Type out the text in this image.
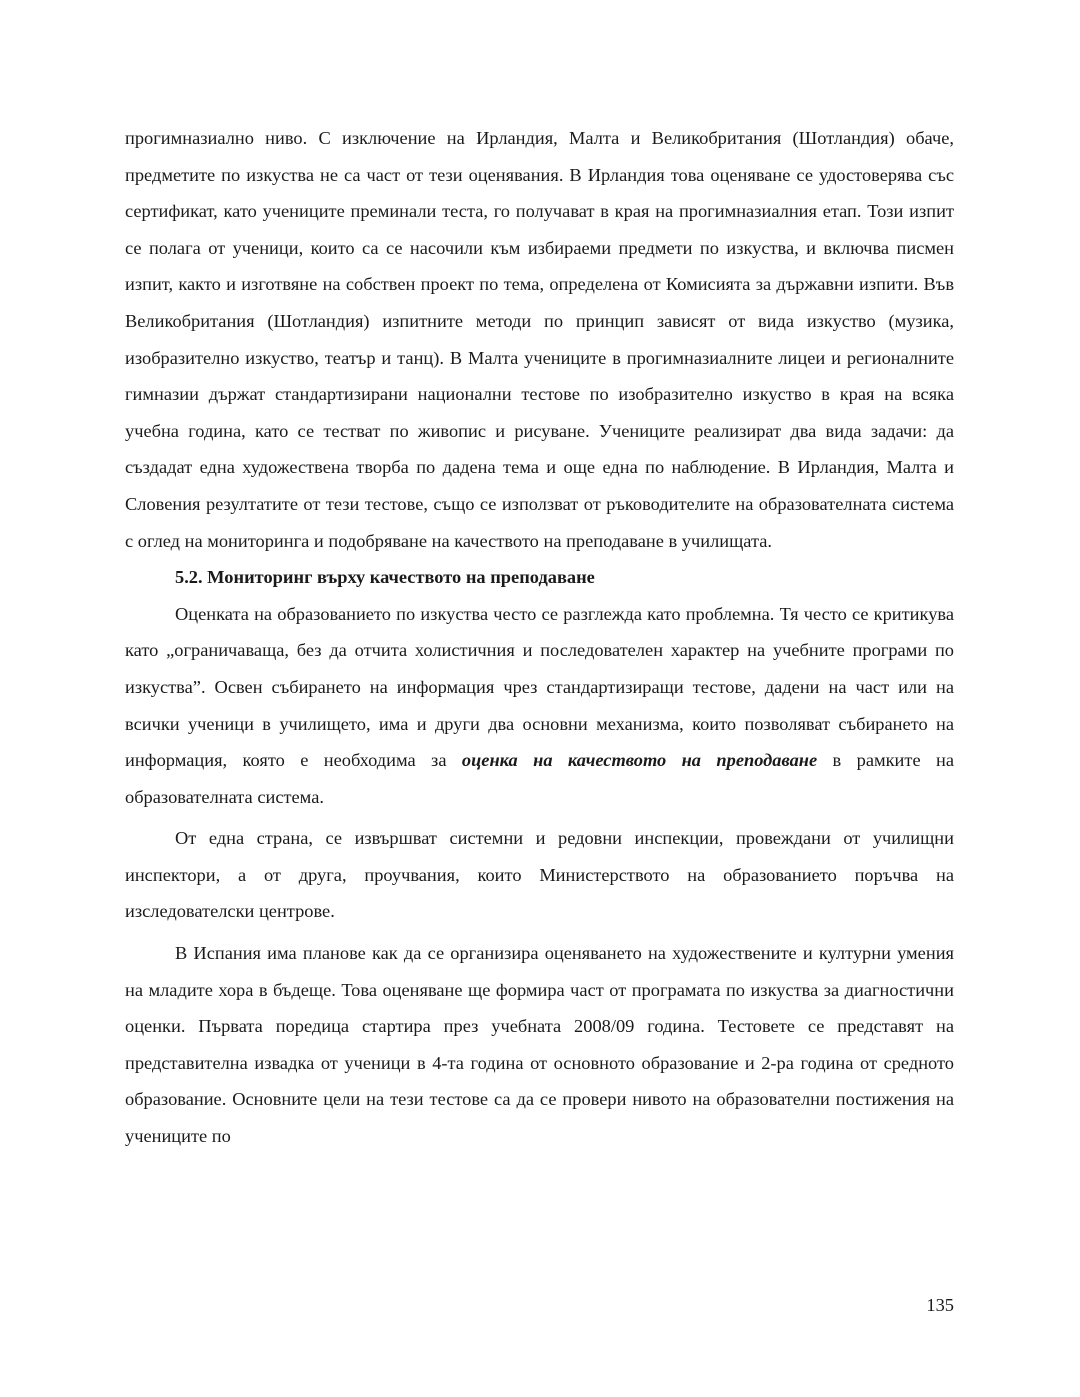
прогимназиално ниво. С изключение на Ирландия, Малта и Великобритания (Шотландия) обаче, предметите по изкуства не са част от тези оценявания. В Ирландия това оценяване се удостоверява със сертификат, като учениците преминали теста, го получават в края на прогимназиалния етап. Този изпит се полага от ученици, които са се насочили към избираеми предмети по изкуства, и включва писмен изпит, както и изготвяне на собствен проект по тема, определена от Комисията за държавни изпити. Във Великобритания (Шотландия) изпитните методи по принцип зависят от вида изкуство (музика, изобразително изкуство, театър и танц). В Малта учениците в прогимназиалните лицеи и регионалните гимназии държат стандартизирани национални тестове по изобразително изкуство в края на всяка учебна година, като се тестват по живопис и рисуване. Учениците реализират два вида задачи: да създадат една художествена творба по дадена тема и още една по наблюдение. В Ирландия, Малта и Словения резултатите от тези тестове, също се използват от ръководителите на образователната система с оглед на мониторинга и подобряване на качеството на преподаване в училищата.

5.2. Мониторинг върху качеството на преподаване

Оценката на образованието по изкуства често се разглежда като проблемна. Тя често се критикува като „ограничаваща, без да отчита холистичния и последователен характер на учебните програми по изкуства”. Освен събирането на информация чрез стандартизиращи тестове, дадени на част или на всички ученици в училището, има и други два основни механизма, които позволяват събирането на информация, която е необходима за оценка на качеството на преподаване в рамките на образователната система.

От една страна, се извършват системни и редовни инспекции, провеждани от училищни инспектори, а от друга, проучвания, които Министерството на образованието поръчва на изследователски центрове.

В Испания има планове как да се организира оценяването на художествените и културни умения на младите хора в бъдеще. Това оценяване ще формира част от програмата по изкуства за диагностични оценки. Първата поредица стартира през учебната 2008/09 година. Тестовете се представят на представителна извадка от ученици в 4-та година от основното образование и 2-ра година от средното образование. Основните цели на тези тестове са да се провери нивото на образователни постижения на учениците по

135
